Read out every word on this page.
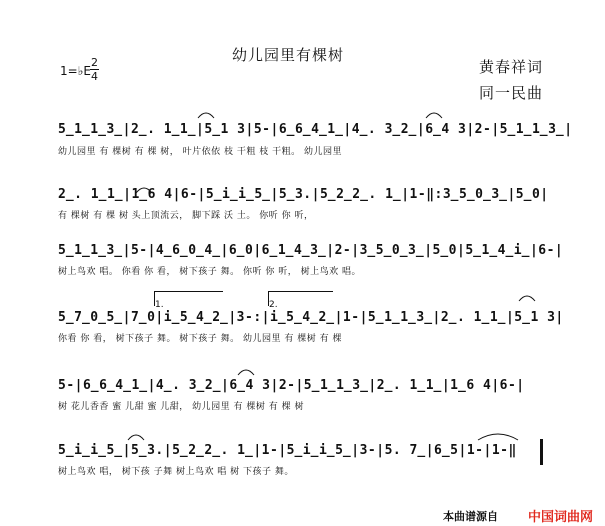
幼儿园里有棵树
1=♭E
2
4
黄春祥词
同一民曲
5̲1̲1̲3̲|2̲. 1̲1̲|5̲1 3|5-|6̲6̲4̲1̲|4̲. 3̲2̲|6̲4 3|2-|5̲1̲1̲3̲|
幼儿园里 有 棵树 有 棵 树， 叶片依依 枝 干粗 枝 干粗。 幼儿园里
2̲. 1̲1̲|1̲6 4|6-|5̲i̲i̲5̲|5̲3.|5̲2̲2̲. 1̲|1-‖:3̲5̲0̲3̲|5̲0|
有 棵树 有 棵 树 头上顶流云， 脚下踩 沃 土。 你听 你 听，
5̲1̲1̲3̲|5-|4̲6̲0̲4̲|6̲0|6̲1̲4̲3̲|2-|3̲5̲0̲3̲|5̲0|5̲1̲4̲i̲|6-|
树上鸟欢 唱。 你看 你 看， 树下孩子 舞。 你听 你 听， 树上鸟欢 唱。
1.	2.
5̲7̲0̲5̲|7̲0|i̲5̲4̲2̲|3-:|i̲5̲4̲2̲|1-|5̲1̲1̲3̲|2̲. 1̲1̲|5̲1 3|
你看 你 看， 树下孩子 舞。 树下孩子 舞。 幼儿园里 有 棵树 有 棵
5-|6̲6̲4̲1̲|4̲. 3̲2̲|6̲4 3|2-|5̲1̲1̲3̲|2̲. 1̲1̲|1̲6 4|6-|
树 花儿香香 蜜 儿甜 蜜 儿甜， 幼儿园里 有 棵树 有 棵 树
5̲i̲i̲5̲|5̲3.|5̲2̲2̲. 1̲|1-|5̲i̲i̲5̲|3-|5. 7̲|6̲5|1-|1-‖
树上鸟欢 唱， 树下孩 子舞 树上鸟欢 唱 树 下孩子 舞。
本曲谱源自 中国词曲网
